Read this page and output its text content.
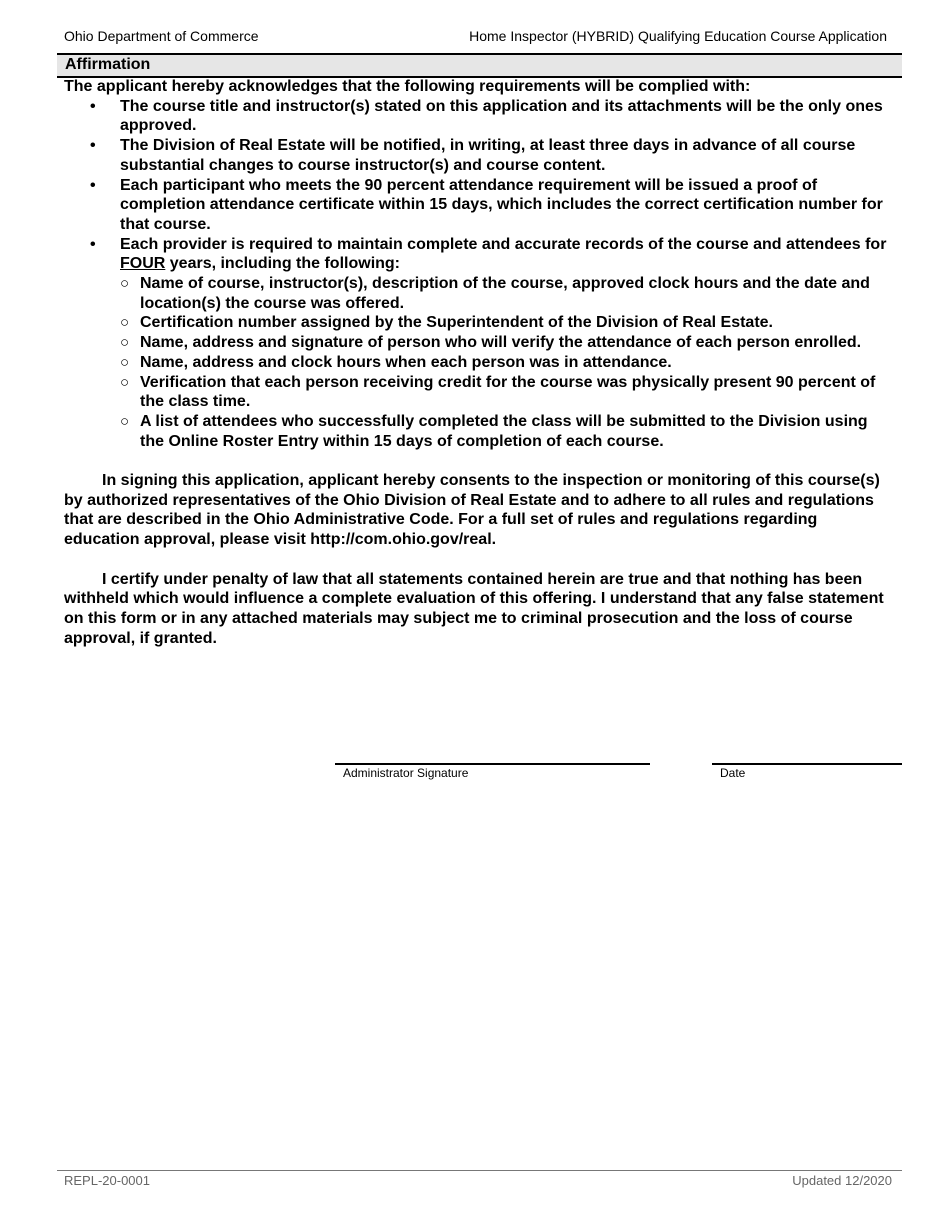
Ohio Department of Commerce	Home Inspector (HYBRID) Qualifying Education Course Application
Affirmation

The applicant hereby acknowledges that the following requirements will be complied with:

• The course title and instructor(s) stated on this application and its attachments will be the only ones approved.
• The Division of Real Estate will be notified, in writing, at least three days in advance of all course substantial changes to course instructor(s) and course content.
• Each participant who meets the 90 percent attendance requirement will be issued a proof of completion attendance certificate within 15 days, which includes the correct certification number for that course.
• Each provider is required to maintain complete and accurate records of the course and attendees for FOUR years, including the following:
○ Name of course, instructor(s), description of the course, approved clock hours and the date and location(s) the course was offered.
○ Certification number assigned by the Superintendent of the Division of Real Estate.
○ Name, address and signature of person who will verify the attendance of each person enrolled.
○ Name, address and clock hours when each person was in attendance.
○ Verification that each person receiving credit for the course was physically present 90 percent of the class time.
○ A list of attendees who successfully completed the class will be submitted to the Division using the Online Roster Entry within 15 days of completion of each course.

In signing this application, applicant hereby consents to the inspection or monitoring of this course(s) by authorized representatives of the Ohio Division of Real Estate and to adhere to all rules and regulations that are described in the Ohio Administrative Code. For a full set of rules and regulations regarding education approval, please visit http://com.ohio.gov/real.

I certify under penalty of law that all statements contained herein are true and that nothing has been withheld which would influence a complete evaluation of this offering. I understand that any false statement on this form or in any attached materials may subject me to criminal prosecution and the loss of course approval, if granted.

Administrator Signature	Date
REPL-20-0001	Updated 12/2020
